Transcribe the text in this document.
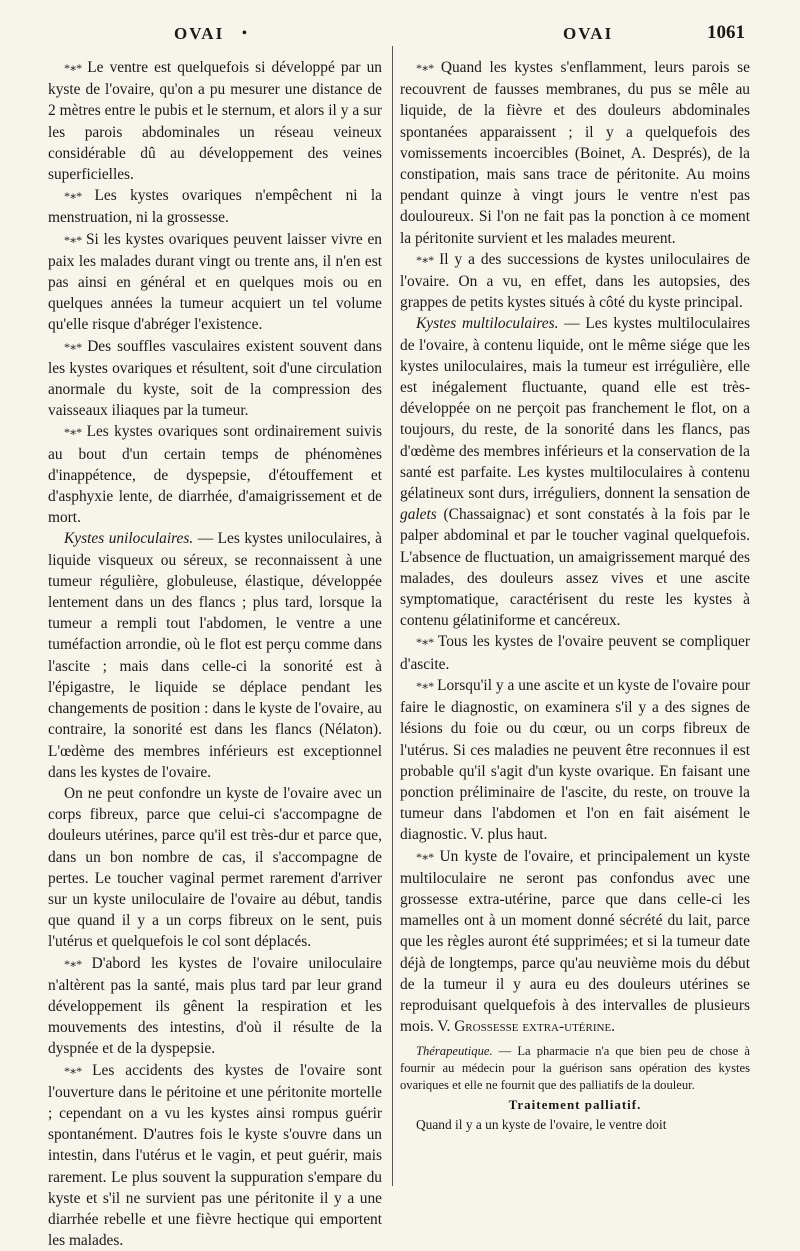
OVAI •	OVAI	1061

*∗* Le ventre est quelquefois si développé par un kyste de l'ovaire, qu'on a pu mesurer une distance de 2 mètres entre le pubis et le sternum, et alors il y a sur les parois abdominales un réseau veineux considérable dû au développement des veines superficielles.

*∗* Les kystes ovariques n'empêchent ni la menstruation, ni la grossesse.

*∗* Si les kystes ovariques peuvent laisser vivre en paix les malades durant vingt ou trente ans, il n'en est pas ainsi en général et en quelques mois ou en quelques années la tumeur acquiert un tel volume qu'elle risque d'abréger l'existence.

*∗* Des souffles vasculaires existent souvent dans les kystes ovariques et résultent, soit d'une circulation anormale du kyste, soit de la compression des vaisseaux iliaques par la tumeur.

*∗* Les kystes ovariques sont ordinairement suivis au bout d'un certain temps de phénomènes d'inappétence, de dyspepsie, d'étouffement et d'asphyxie lente, de diarrhée, d'amaigrissement et de mort.

Kystes uniloculaires. — Les kystes uniloculaires, à liquide visqueux ou séreux, se reconnaissent à une tumeur régulière, globuleuse, élastique, développée lentement dans un des flancs ; plus tard, lorsque la tumeur a rempli tout l'abdomen, le ventre a une tuméfaction arrondie, où le flot est perçu comme dans l'ascite ; mais dans celle-ci la sonorité est à l'épigastre, le liquide se déplace pendant les changements de position : dans le kyste de l'ovaire, au contraire, la sonorité est dans les flancs (Nélaton). L'œdème des membres inférieurs est exceptionnel dans les kystes de l'ovaire.

On ne peut confondre un kyste de l'ovaire avec un corps fibreux, parce que celui-ci s'accompagne de douleurs utérines, parce qu'il est très-dur et parce que, dans un bon nombre de cas, il s'accompagne de pertes. Le toucher vaginal permet rarement d'arriver sur un kyste uniloculaire de l'ovaire au début, tandis que quand il y a un corps fibreux on le sent, puis l'utérus et quelquefois le col sont déplacés.

*∗* D'abord les kystes de l'ovaire uniloculaire n'altèrent pas la santé, mais plus tard par leur grand développement ils gênent la respiration et les mouvements des intestins, d'où il résulte de la dyspnée et de la dyspepsie.

*∗* Les accidents des kystes de l'ovaire sont l'ouverture dans le péritoine et une péritonite mortelle ; cependant on a vu les kystes ainsi rompus guérir spontanément. D'autres fois le kyste s'ouvre dans un intestin, dans l'utérus et le vagin, et peut guérir, mais rarement. Le plus souvent la suppuration s'empare du kyste et s'il ne survient pas une péritonite il y a une diarrhée rebelle et une fièvre hectique qui emportent les malades.

*∗* Quand les kystes s'enflamment, leurs parois se recouvrent de fausses membranes, du pus se mêle au liquide, de la fièvre et des douleurs abdominales spontanées apparaissent ; il y a quelquefois des vomissements incoercibles (Boinet, A. Després), de la constipation, mais sans trace de péritonite. Au moins pendant quinze à vingt jours le ventre n'est pas douloureux. Si l'on ne fait pas la ponction à ce moment la péritonite survient et les malades meurent.

*∗* Il y a des successions de kystes uniloculaires de l'ovaire. On a vu, en effet, dans les autopsies, des grappes de petits kystes situés à côté du kyste principal.

Kystes multiloculaires. — Les kystes multiloculaires de l'ovaire, à contenu liquide, ont le même siége que les kystes uniloculaires, mais la tumeur est irrégulière, elle est inégalement fluctuante, quand elle est très-développée on ne perçoit pas franchement le flot, on a toujours, du reste, de la sonorité dans les flancs, pas d'œdème des membres inférieurs et la conservation de la santé est parfaite. Les kystes multiloculaires à contenu gélatineux sont durs, irréguliers, donnent la sensation de galets (Chassaignac) et sont constatés à la fois par le palper abdominal et par le toucher vaginal quelquefois. L'absence de fluctuation, un amaigrissement marqué des malades, des douleurs assez vives et une ascite symptomatique, caractérisent du reste les kystes à contenu gélatiniforme et cancéreux.

*∗* Tous les kystes de l'ovaire peuvent se compliquer d'ascite.

*∗* Lorsqu'il y a une ascite et un kyste de l'ovaire pour faire le diagnostic, on examinera s'il y a des signes de lésions du foie ou du cœur, ou un corps fibreux de l'utérus. Si ces maladies ne peuvent être reconnues il est probable qu'il s'agit d'un kyste ovarique. En faisant une ponction préliminaire de l'ascite, du reste, on trouve la tumeur dans l'abdomen et l'on en fait aisément le diagnostic. V. plus haut.

*∗* Un kyste de l'ovaire, et principalement un kyste multiloculaire ne seront pas confondus avec une grossesse extra-utérine, parce que dans celle-ci les mamelles ont à un moment donné sécrété du lait, parce que les règles auront été supprimées; et si la tumeur date déjà de longtemps, parce qu'au neuvième mois du début de la tumeur il y aura eu des douleurs utérines se reproduisant quelquefois à des intervalles de plusieurs mois. V. Grossesse extra-utérine.

Thérapeutique. — La pharmacie n'a que bien peu de chose à fournir au médecin pour la guérison sans opération des kystes ovariques et elle ne fournit que des palliatifs de la douleur.

Traitement palliatif.

Quand il y a un kyste de l'ovaire, le ventre doit
